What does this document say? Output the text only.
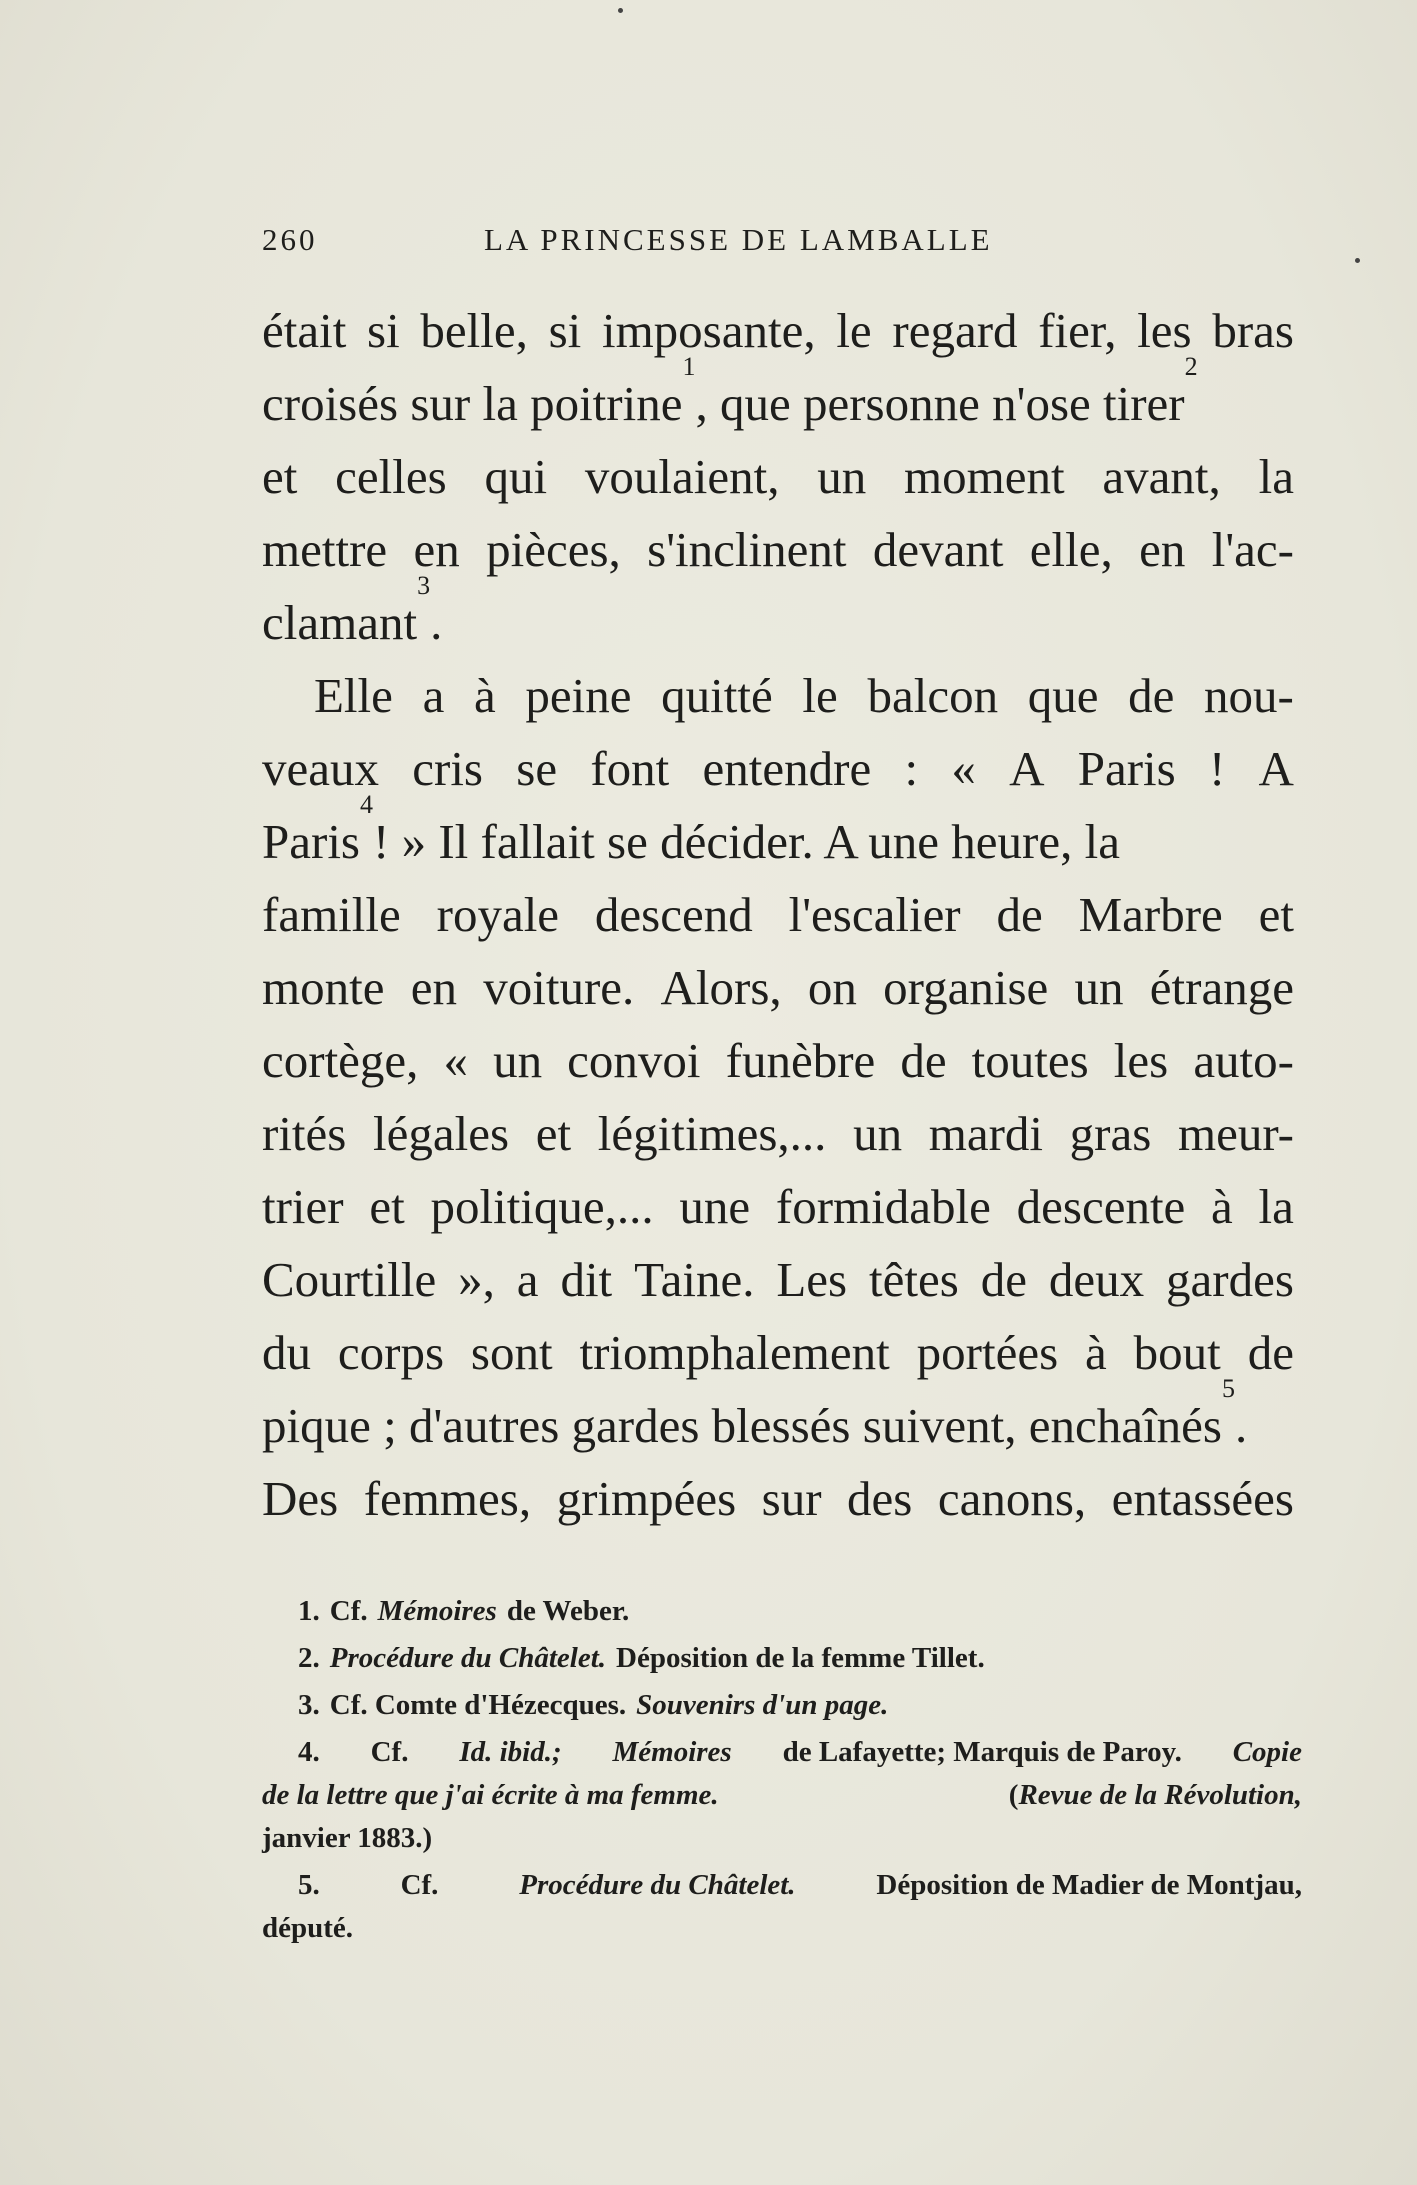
260	LA PRINCESSE DE LAMBALLE
était si belle, si imposante, le regard fier, les bras
croisés sur la poitrine
1
, que personne n'ose tirer
2
et celles qui voulaient, un moment avant, la
mettre en pièces, s'inclinent devant elle, en l'ac-
clamant
3
.
Elle a à peine quitté le balcon que de nou-
veaux cris se font entendre : « A Paris ! A
Paris
4
! » Il fallait se décider. A une heure, la
famille royale descend l'escalier de Marbre et
monte en voiture. Alors, on organise un étrange
cortège, « un convoi funèbre de toutes les auto-
rités légales et légitimes,... un mardi gras meur-
trier et politique,... une formidable descente à la
Courtille », a dit Taine. Les têtes de deux gardes
du corps sont triomphalement portées à bout de
pique ; d'autres gardes blessés suivent, enchaînés
5
.
Des femmes, grimpées sur des canons, entassées
1. Cf. Mémoires de Weber.
2. Procédure du Châtelet. Déposition de la femme Tillet.
3. Cf. Comte d'Hézecques. Souvenirs d'un page.
4. Cf. Id. ibid.; Mémoires de Lafayette; Marquis de Paroy. Copie
de la lettre que j'ai écrite à ma femme.	(Revue de la Révolution,
janvier 1883.)
5.	Cf.	Procédure du Châtelet.	Déposition de Madier de Montjau,
député.
